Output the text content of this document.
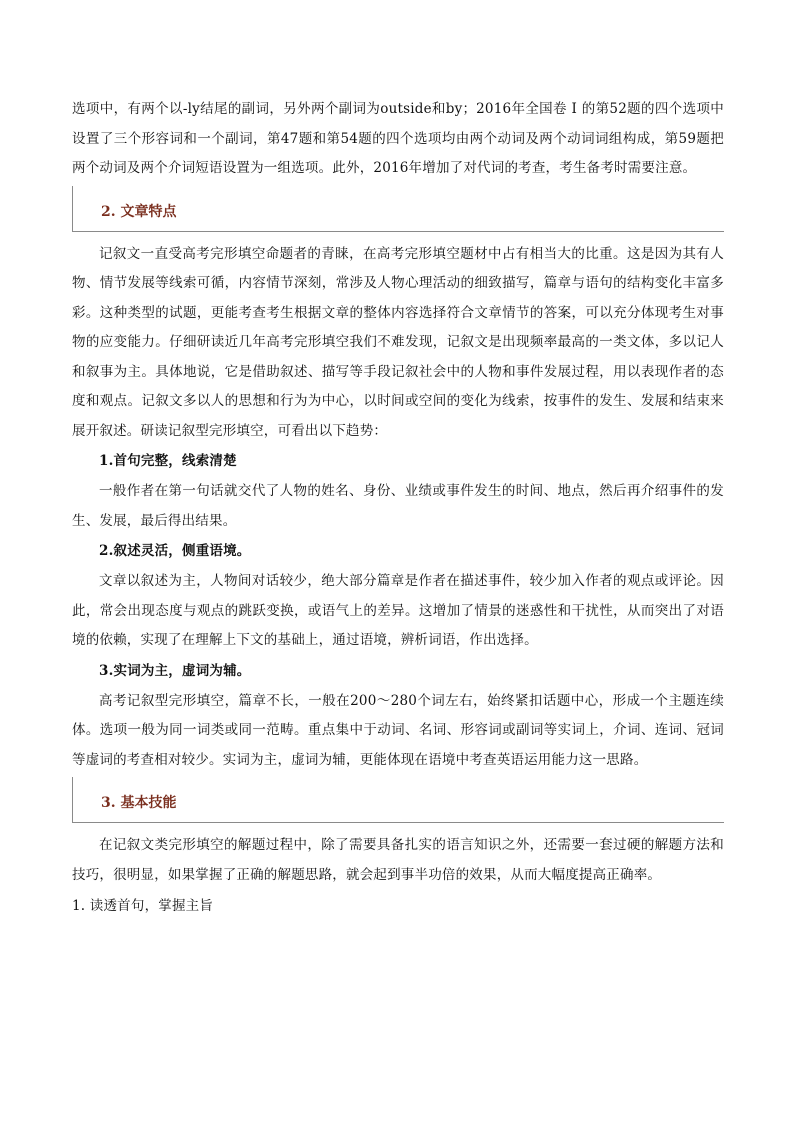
选项中，有两个以-ly结尾的副词，另外两个副词为outside和by；2016年全国卷 I 的第52题的四个选项中设置了三个形容词和一个副词，第47题和第54题的四个选项均由两个动词及两个动词词组构成，第59题把两个动词及两个介词短语设置为一组选项。此外，2016年增加了对代词的考查，考生备考时需要注意。

2. 文章特点

记叙文一直受高考完形填空命题者的青睐，在高考完形填空题材中占有相当大的比重。这是因为其有人物、情节发展等线索可循，内容情节深刻，常涉及人物心理活动的细致描写，篇章与语句的结构变化丰富多彩。这种类型的试题，更能考查考生根据文章的整体内容选择符合文章情节的答案，可以充分体现考生对事物的应变能力。仔细研读近几年高考完形填空我们不难发现，记叙文是出现频率最高的一类文体，多以记人和叙事为主。具体地说，它是借助叙述、描写等手段记叙社会中的人物和事件发展过程，用以表现作者的态度和观点。记叙文多以人的思想和行为为中心，以时间或空间的变化为线索，按事件的发生、发展和结束来展开叙述。研读记叙型完形填空，可看出以下趋势：

1.首句完整，线索清楚

一般作者在第一句话就交代了人物的姓名、身份、业绩或事件发生的时间、地点，然后再介绍事件的发生、发展，最后得出结果。

2.叙述灵活，侧重语境。

文章以叙述为主，人物间对话较少，绝大部分篇章是作者在描述事件，较少加入作者的观点或评论。因此，常会出现态度与观点的跳跃变换，或语气上的差异。这增加了情景的迷惑性和干扰性，从而突出了对语境的依赖，实现了在理解上下文的基础上，通过语境，辨析词语，作出选择。

3.实词为主，虚词为辅。

高考记叙型完形填空，篇章不长，一般在200～280个词左右，始终紧扣话题中心，形成一个主题连续体。选项一般为同一词类或同一范畴。重点集中于动词、名词、形容词或副词等实词上，介词、连词、冠词等虚词的考查相对较少。实词为主，虚词为辅，更能体现在语境中考查英语运用能力这一思路。

3. 基本技能

在记叙文类完形填空的解题过程中，除了需要具备扎实的语言知识之外，还需要一套过硬的解题方法和技巧，很明显，如果掌握了正确的解题思路，就会起到事半功倍的效果，从而大幅度提高正确率。

1. 读透首句，掌握主旨
